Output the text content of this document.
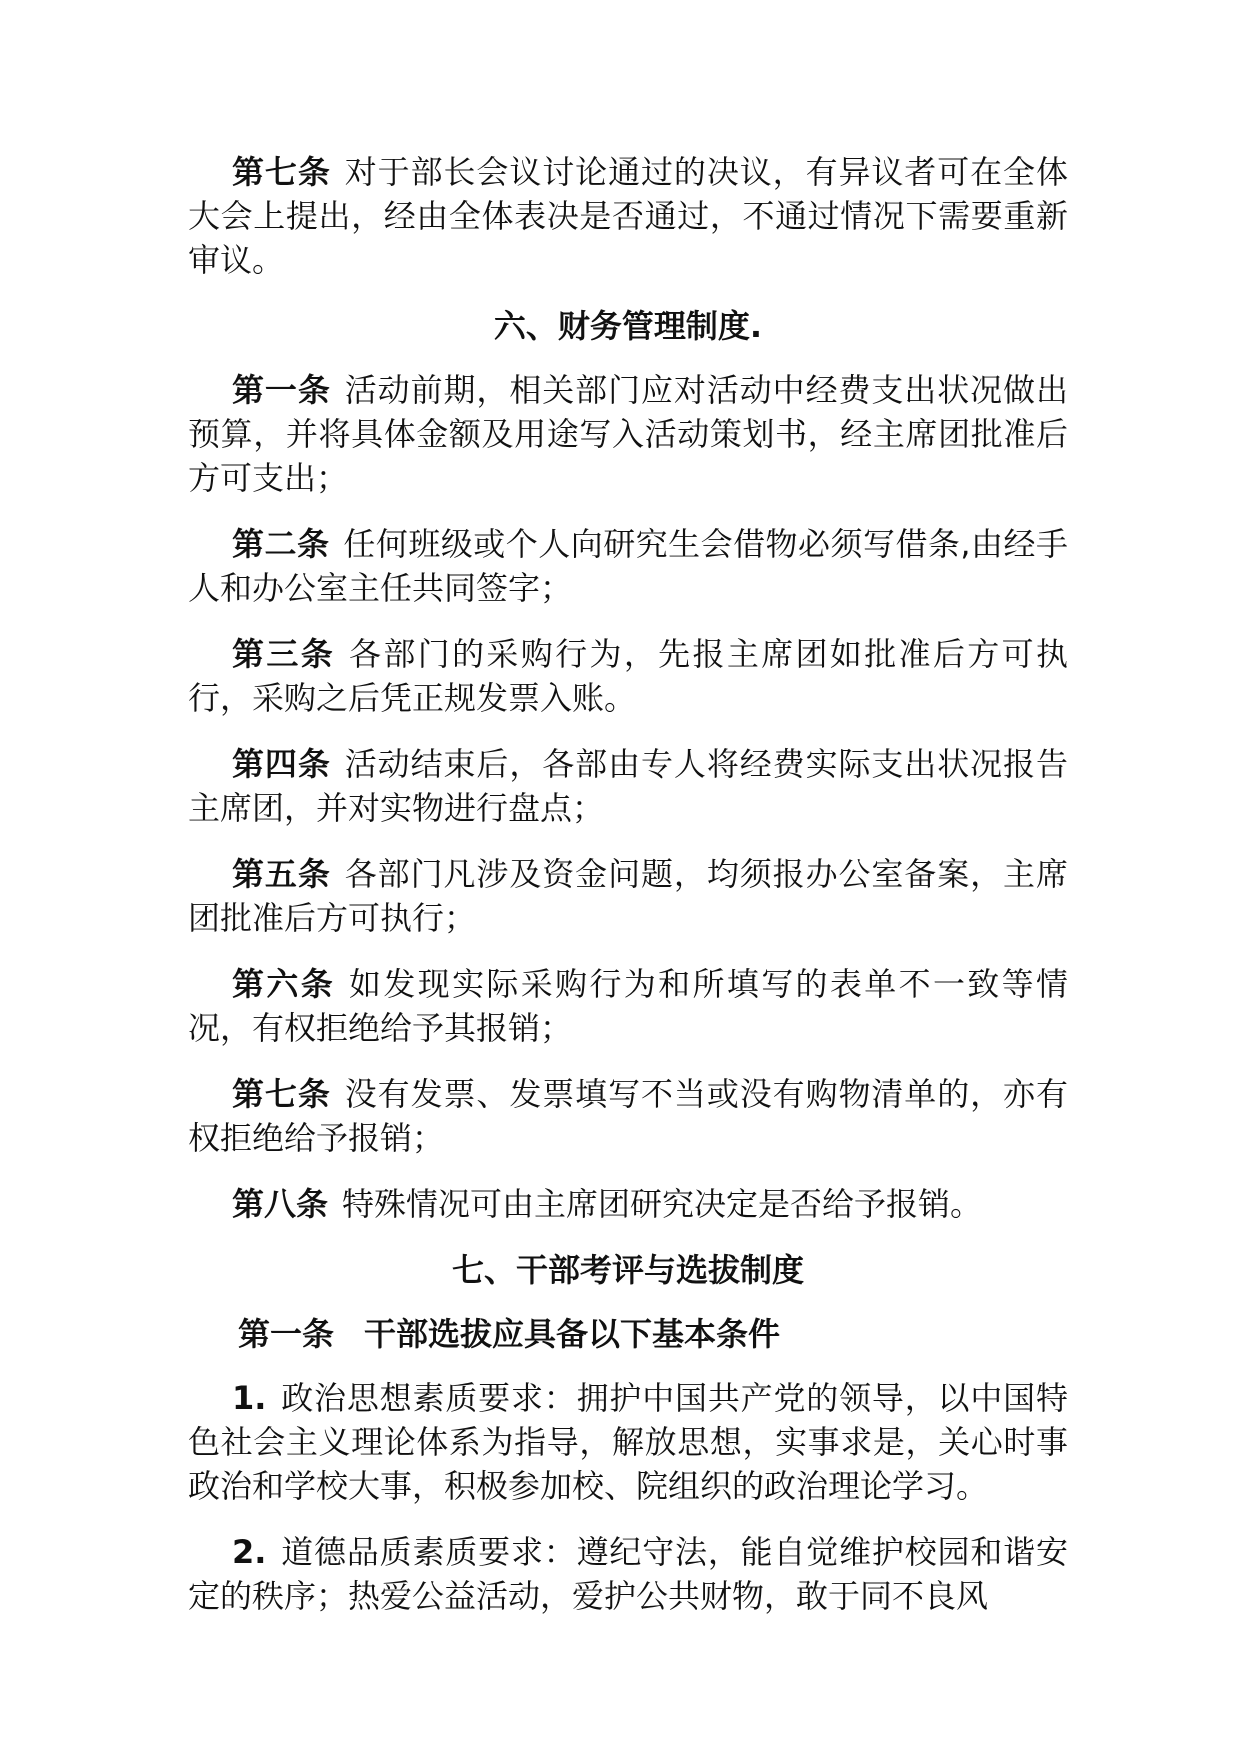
第七条 对于部长会议讨论通过的决议，有异议者可在全体大会上提出，经由全体表决是否通过，不通过情况下需要重新审议。

六、财务管理制度.

第一条 活动前期，相关部门应对活动中经费支出状况做出预算，并将具体金额及用途写入活动策划书，经主席团批准后方可支出；

第二条 任何班级或个人向研究生会借物必须写借条,由经手人和办公室主任共同签字；

第三条 各部门的采购行为，先报主席团如批准后方可执行，采购之后凭正规发票入账。

第四条 活动结束后，各部由专人将经费实际支出状况报告主席团，并对实物进行盘点；

第五条 各部门凡涉及资金问题，均须报办公室备案，主席团批准后方可执行；

第六条 如发现实际采购行为和所填写的表单不一致等情况，有权拒绝给予其报销；

第七条 没有发票、发票填写不当或没有购物清单的，亦有权拒绝给予报销；

第八条 特殊情况可由主席团研究决定是否给予报销。

七、干部考评与选拔制度
第一条 干部选拔应具备以下基本条件

1. 政治思想素质要求：拥护中国共产党的领导，以中国特色社会主义理论体系为指导，解放思想，实事求是，关心时事政治和学校大事，积极参加校、院组织的政治理论学习。

2. 道德品质素质要求：遵纪守法，能自觉维护校园和谐安定的秩序；热爱公益活动，爱护公共财物，敢于同不良风
